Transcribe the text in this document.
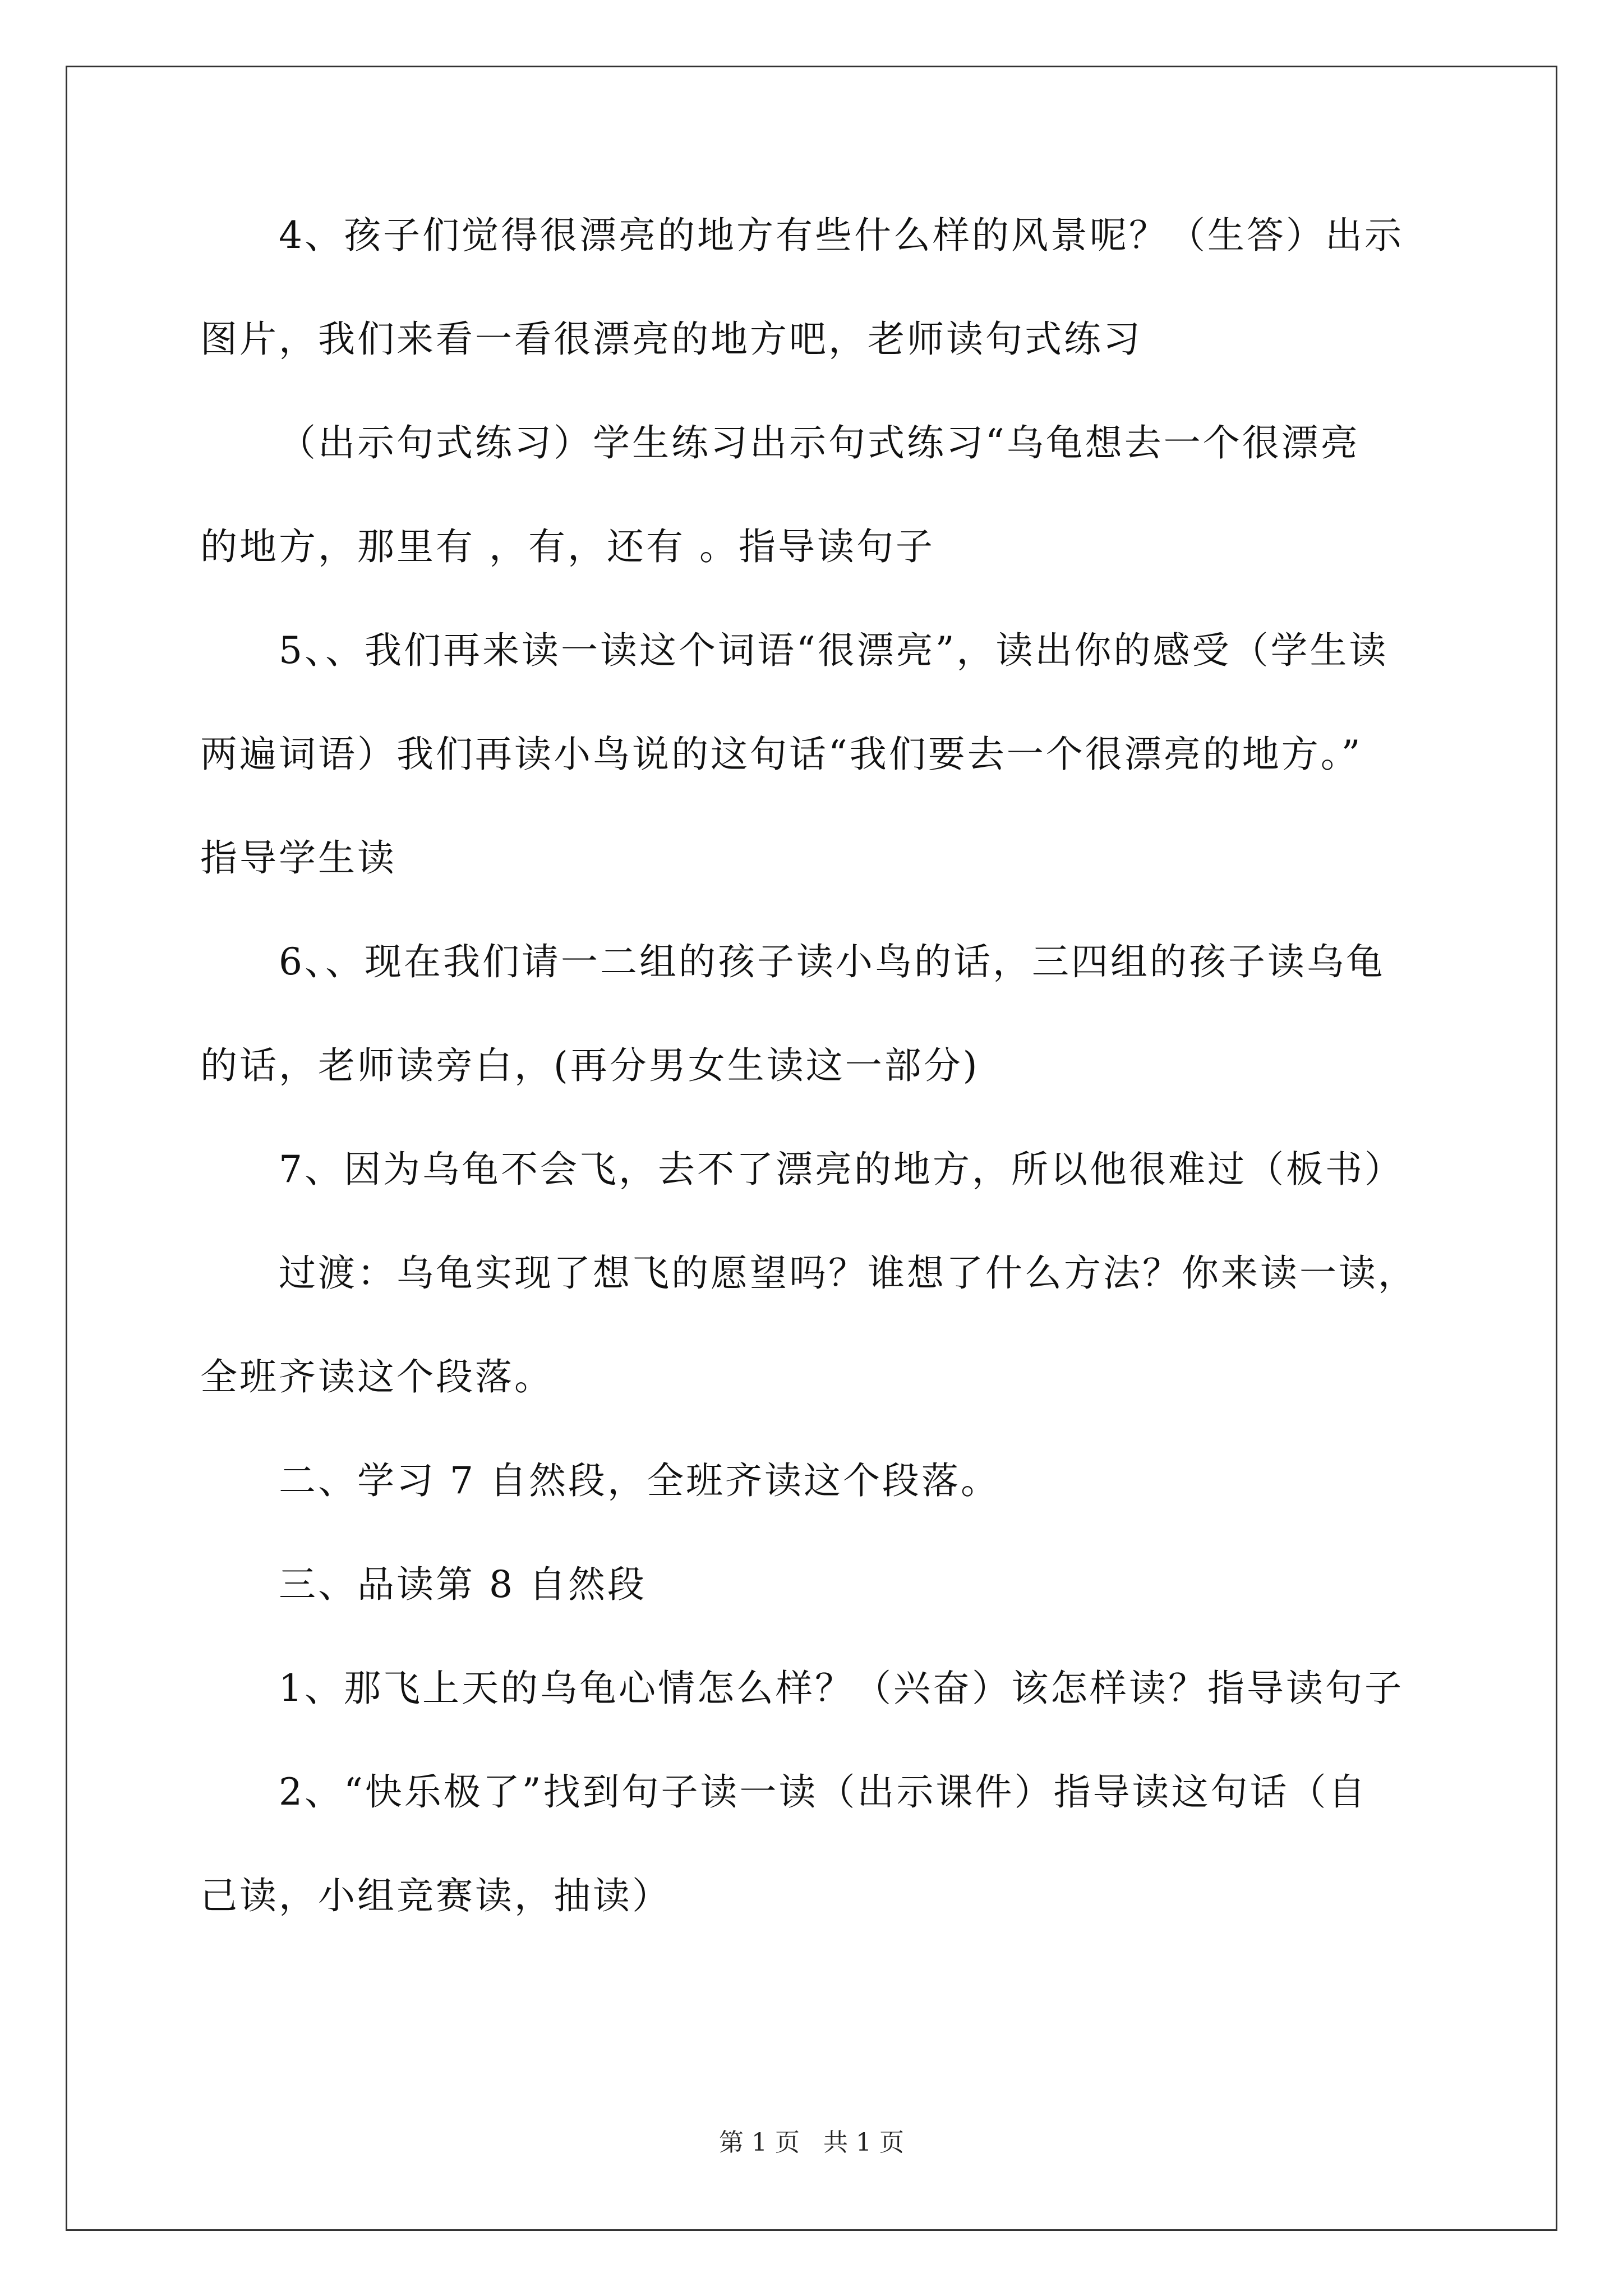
4、孩子们觉得很漂亮的地方有些什么样的风景呢？（生答）出示
图片，我们来看一看很漂亮的地方吧，老师读句式练习
（出示句式练习）学生练习出示句式练习“乌龟想去一个很漂亮
的地方，那里有 ，有，还有 。指导读句子
5、、我们再来读一读这个词语“很漂亮”，读出你的感受（学生读
两遍词语）我们再读小鸟说的这句话“我们要去一个很漂亮的地方。”
指导学生读
6、、现在我们请一二组的孩子读小鸟的话，三四组的孩子读乌龟
的话，老师读旁白，(再分男女生读这一部分)
7、因为乌龟不会飞，去不了漂亮的地方，所以他很难过（板书）
过渡：乌龟实现了想飞的愿望吗？谁想了什么方法？你来读一读，
全班齐读这个段落。
二、学习 7 自然段，全班齐读这个段落。
三、品读第 8 自然段
1、那飞上天的乌龟心情怎么样？（兴奋）该怎样读？指导读句子
2、“快乐极了”找到句子读一读（出示课件）指导读这句话（自
己读，小组竞赛读，抽读）
第 1 页   共 1 页
